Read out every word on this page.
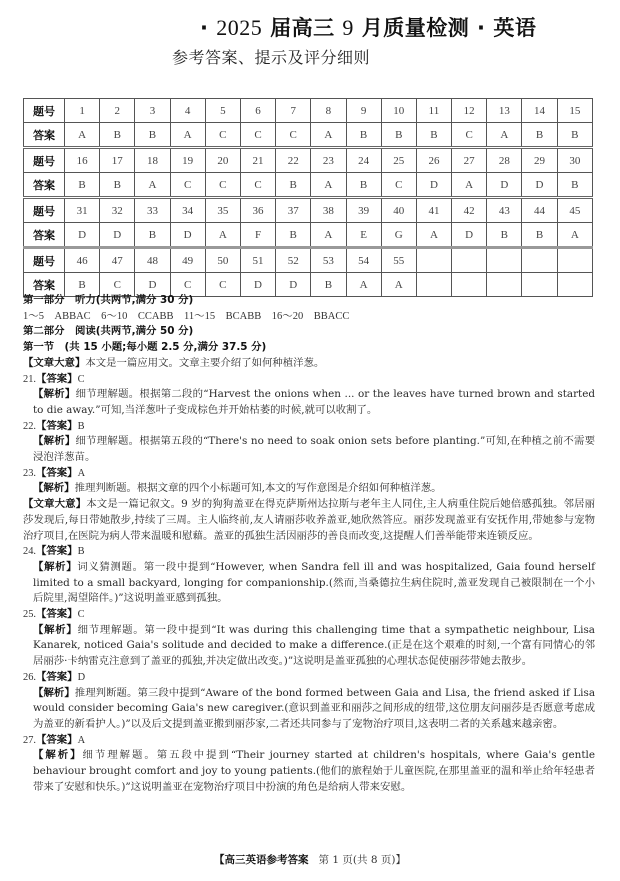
· 2025 届高三 9 月质量检测 · 英语
参考答案、提示及评分细则
题号	1	2	3	4	5	6	7	8	9	10	11	12	13	14	15
答案	A	B	B	A	C	C	C	A	B	B	B	C	A	B	B
题号	16	17	18	19	20	21	22	23	24	25	26	27	28	29	30
答案	B	B	A	C	C	C	B	A	B	C	D	A	D	D	B
题号	31	32	33	34	35	36	37	38	39	40	41	42	43	44	45
答案	D	D	B	D	A	F	B	A	E	G	A	D	B	B	A
题号	46	47	48	49	50	51	52	53	54	55					
答案	B	C	D	C	C	D	D	B	A	A					
第一部分　听力(共两节,满分 30 分)
1～5　ABBAC　6～10　CCABB　11～15　BCABB　16～20　BBACC
第二部分　阅读(共两节,满分 50 分)
第一节　(共 15 小题;每小题 2.5 分,满分 37.5 分)
【文章大意】本文是一篇应用文。文章主要介绍了如何种植洋葱。
21.【答案】C
【解析】细节理解题。根据第二段的“Harvest the onions when ... or the leaves have turned brown and started to die away.”可知,当洋葱叶子变成棕色并开始枯萎的时候,就可以收割了。
22.【答案】B
【解析】细节理解题。根据第五段的“There's no need to soak onion sets before planting.”可知,在种植之前不需要浸泡洋葱苗。
23.【答案】A
【解析】推理判断题。根据文章的四个小标题可知,本文的写作意图是介绍如何种植洋葱。
【文章大意】本文是一篇记叙文。9 岁的狗狗盖亚在得克萨斯州达拉斯与老年主人同住,主人病重住院后她倍感孤独。邻居丽莎发现后,每日带她散步,持续了三周。主人临终前,友人请丽莎收养盖亚,她欣然答应。丽莎发现盖亚有安抚作用,带她参与宠物治疗项目,在医院为病人带来温暖和慰藉。盖亚的孤独生活因丽莎的善良而改变,这提醒人们善举能带来连锁反应。
24.【答案】B
【解析】词义猜测题。第一段中提到“However, when Sandra fell ill and was hospitalized, Gaia found herself limited to a small backyard, longing for companionship.(然而,当桑德拉生病住院时,盖亚发现自己被限制在一个小后院里,渴望陪伴。)”这说明盖亚感到孤独。
25.【答案】C
【解析】细节理解题。第一段中提到“It was during this challenging time that a sympathetic neighbour, Lisa Kanarek, noticed Gaia's solitude and decided to make a difference.(正是在这个艰难的时刻,一个富有同情心的邻居丽莎·卡纳雷克注意到了盖亚的孤独,并决定做出改变。)”这说明是盖亚孤独的心理状态促使丽莎带她去散步。
26.【答案】D
【解析】推理判断题。第三段中提到“Aware of the bond formed between Gaia and Lisa, the friend asked if Lisa would consider becoming Gaia's new caregiver.(意识到盖亚和丽莎之间形成的纽带,这位朋友问丽莎是否愿意考虑成为盖亚的新看护人。)”以及后文提到盖亚搬到丽莎家,二者还共同参与了宠物治疗项目,这表明二者的关系越来越亲密。
27.【答案】A
【解析】细节理解题。第五段中提到“Their journey started at children's hospitals, where Gaia's gentle behaviour brought comfort and joy to young patients.(他们的旅程始于儿童医院,在那里盖亚的温和举止给年轻患者带来了安慰和快乐。)”这说明盖亚在宠物治疗项目中扮演的角色是给病人带来安慰。
【高三英语参考答案 第 1 页(共 8 页)】
